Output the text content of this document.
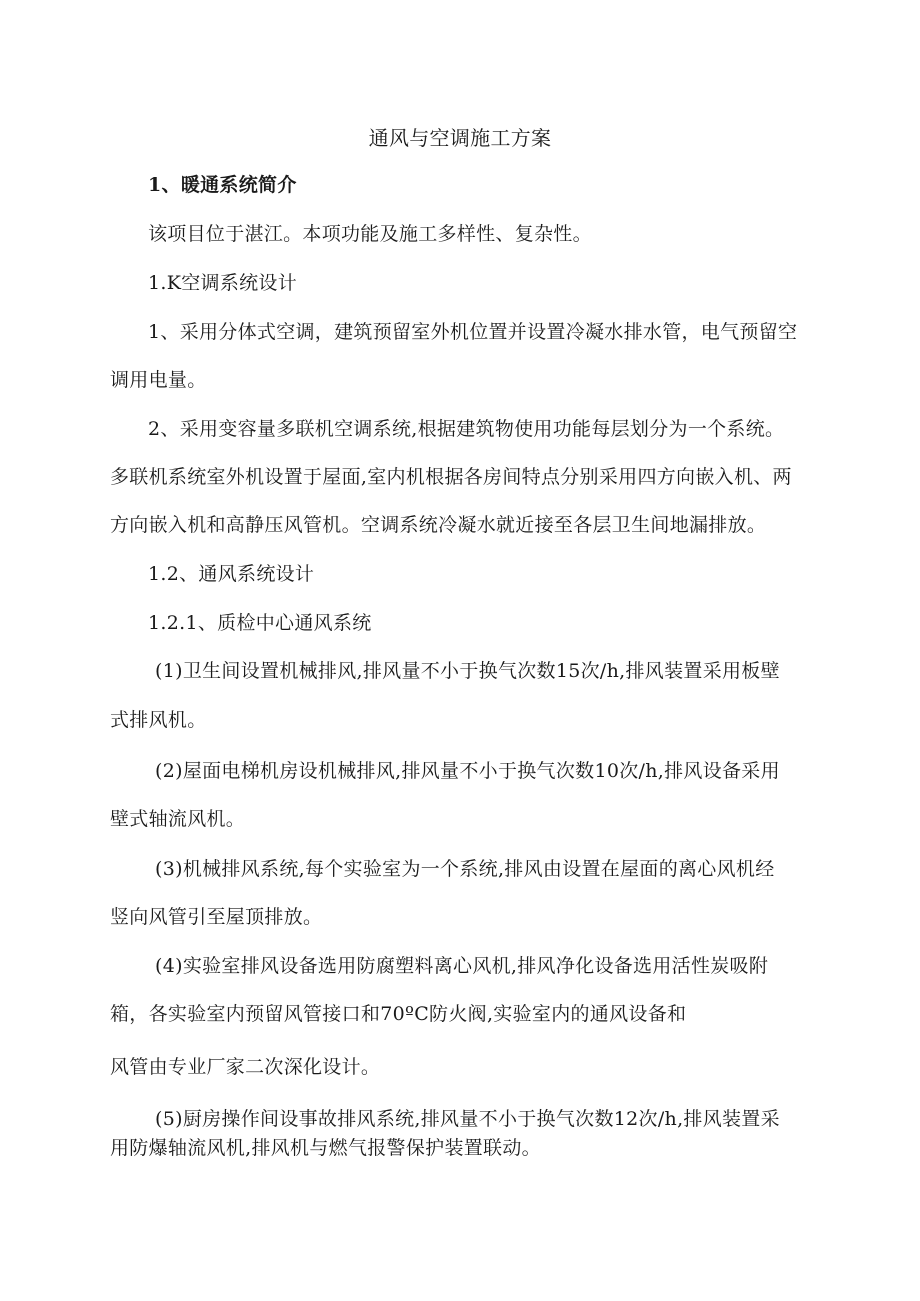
通风与空调施工方案
1、暖通系统简介
该项目位于湛江。本项功能及施工多样性、复杂性。
1.K空调系统设计
1、采用分体式空调，建筑预留室外机位置并设置冷凝水排水管，电气预留空
调用电量。
2、采用变容量多联机空调系统,根据建筑物使用功能每层划分为一个系统。
多联机系统室外机设置于屋面,室内机根据各房间特点分别采用四方向嵌入机、两
方向嵌入机和高静压风管机。空调系统冷凝水就近接至各层卫生间地漏排放。
1.2、通风系统设计
1.2.1、质检中心通风系统
(1)卫生间设置机械排风,排风量不小于换气次数15次/h,排风装置采用板壁
式排风机。
(2)屋面电梯机房设机械排风,排风量不小于换气次数10次/h,排风设备采用
壁式轴流风机。
(3)机械排风系统,每个实验室为一个系统,排风由设置在屋面的离心风机经
竖向风管引至屋顶排放。
(4)实验室排风设备选用防腐塑料离心风机,排风净化设备选用活性炭吸附
箱，各实验室内预留风管接口和70ºC防火阀,实验室内的通风设备和
风管由专业厂家二次深化设计。
(5)厨房操作间设事故排风系统,排风量不小于换气次数12次/h,排风装置采
用防爆轴流风机,排风机与燃气报警保护装置联动。
